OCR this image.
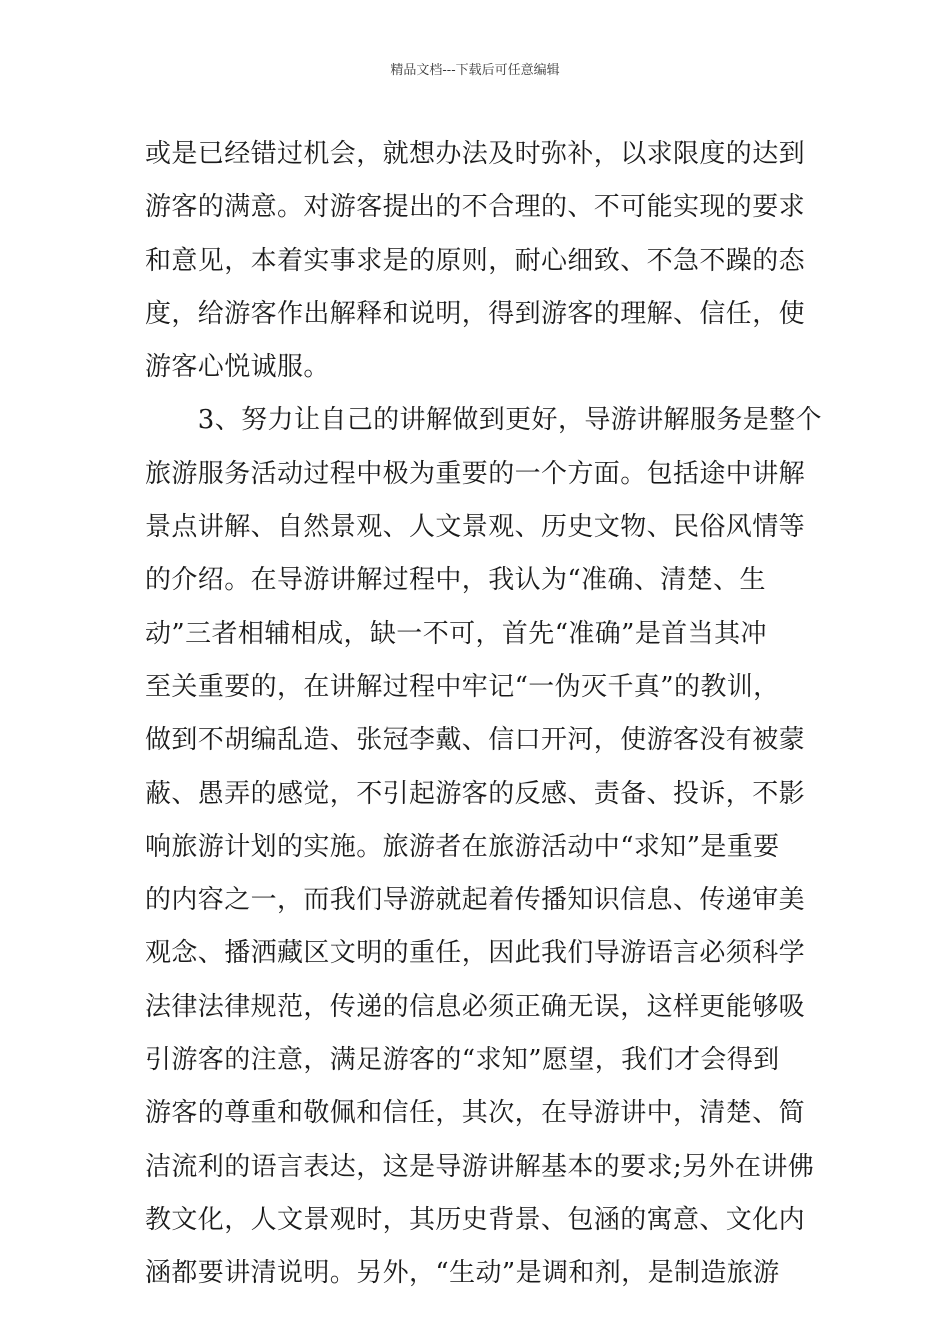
精品文档---下载后可任意编辑
或是已经错过机会，就想办法及时弥补，以求限度的达到
游客的满意。对游客提出的不合理的、不可能实现的要求
和意见，本着实事求是的原则，耐心细致、不急不躁的态
度，给游客作出解释和说明，得到游客的理解、信任，使
游客心悦诚服。
　　3、努力让自己的讲解做到更好，导游讲解服务是整个
旅游服务活动过程中极为重要的一个方面。包括途中讲解
景点讲解、自然景观、人文景观、历史文物、民俗风情等
的介绍。在导游讲解过程中，我认为“准确、清楚、生
动”三者相辅相成，缺一不可，首先“准确”是首当其冲
至关重要的，在讲解过程中牢记“一伪灭千真”的教训，
做到不胡编乱造、张冠李戴、信口开河，使游客没有被蒙
蔽、愚弄的感觉，不引起游客的反感、责备、投诉，不影
响旅游计划的实施。旅游者在旅游活动中“求知”是重要
的内容之一，而我们导游就起着传播知识信息、传递审美
观念、播洒藏区文明的重任，因此我们导游语言必须科学
法律法律规范，传递的信息必须正确无误，这样更能够吸
引游客的注意，满足游客的“求知”愿望，我们才会得到
游客的尊重和敬佩和信任，其次，在导游讲中，清楚、简
洁流利的语言表达，这是导游讲解基本的要求;另外在讲佛
教文化，人文景观时，其历史背景、包涵的寓意、文化内
涵都要讲清说明。另外，“生动”是调和剂，是制造旅游
